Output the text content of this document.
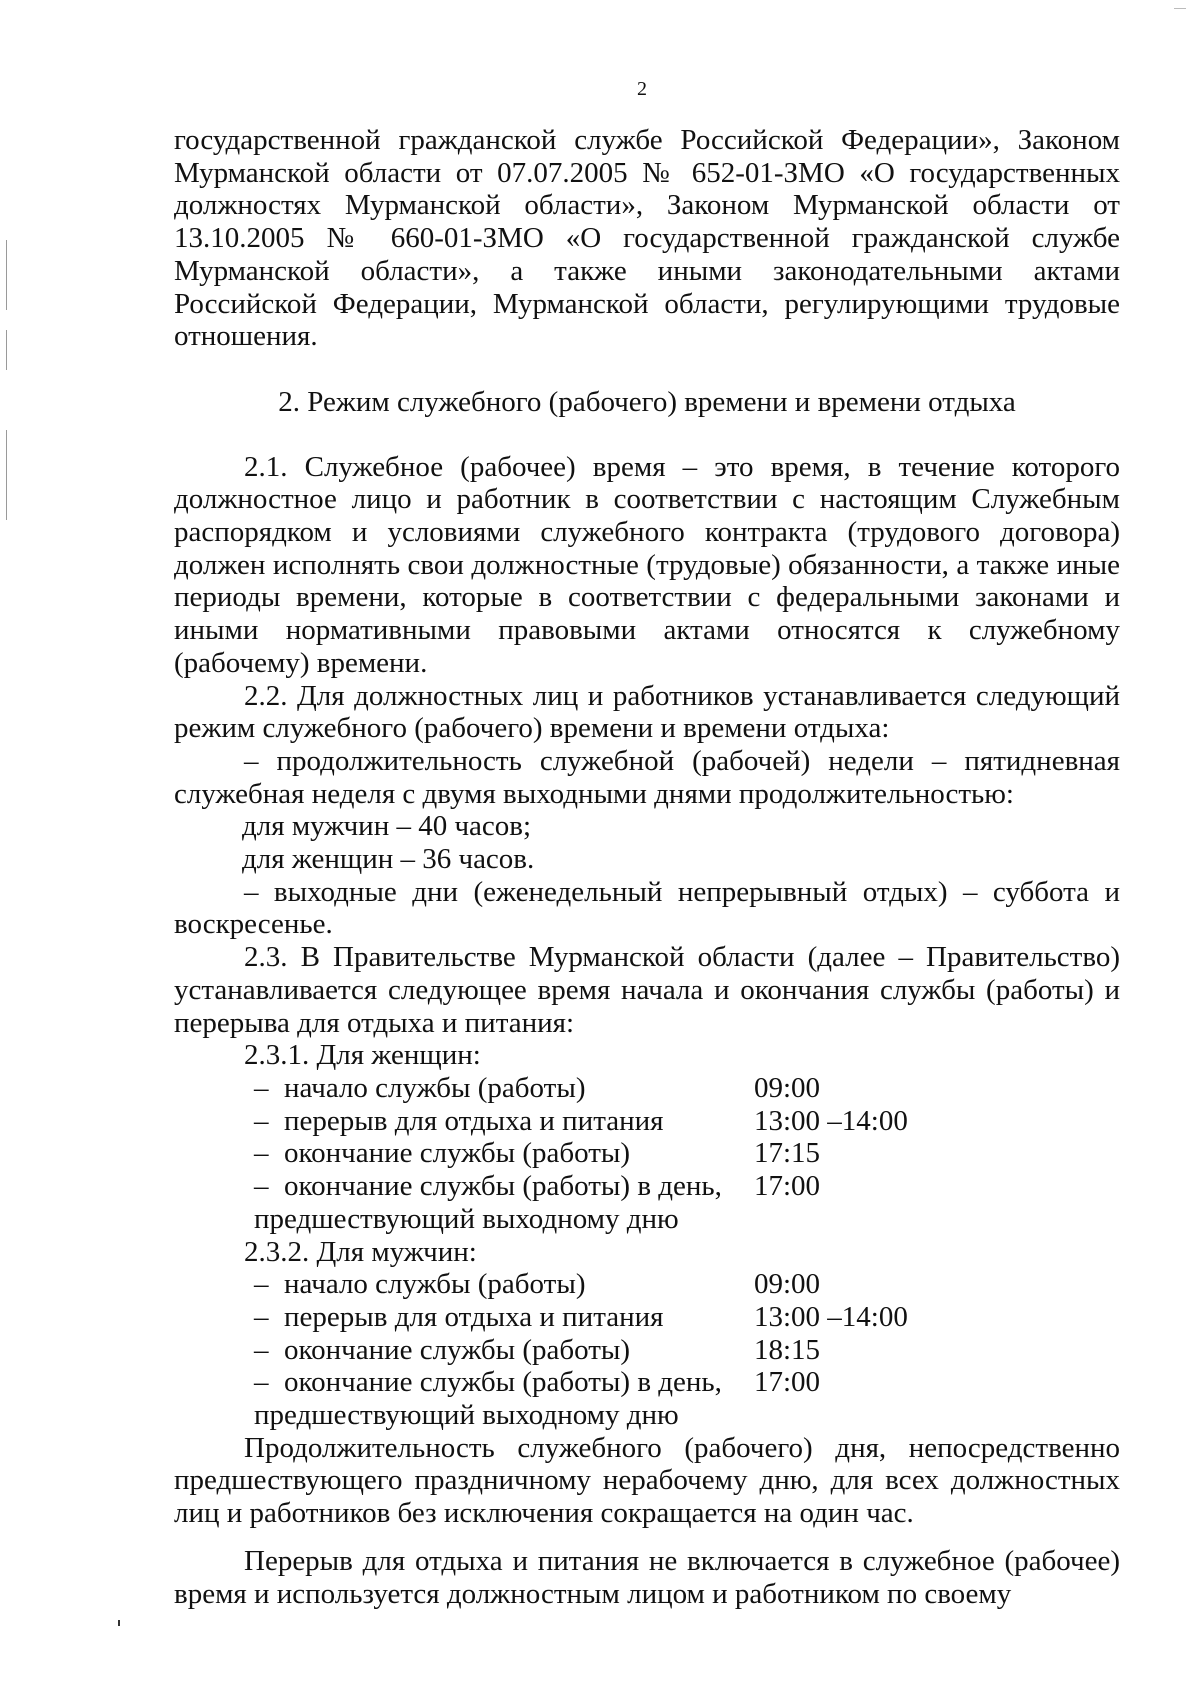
2

государственной гражданской службе Российской Федерации», Законом Мурманской области от 07.07.2005 № 652-01-ЗМО «О государственных должностях Мурманской области», Законом Мурманской области от 13.10.2005 № 660-01-ЗМО «О государственной гражданской службе Мурманской области», а также иными законодательными актами Российской Федерации, Мурманской области, регулирующими трудовые отношения.

2. Режим служебного (рабочего) времени и времени отдыха

2.1. Служебное (рабочее) время – это время, в течение которого должностное лицо и работник в соответствии с настоящим Служебным распорядком и условиями служебного контракта (трудового договора) должен исполнять свои должностные (трудовые) обязанности, а также иные периоды времени, которые в соответствии с федеральными законами и иными нормативными правовыми актами относятся к служебному (рабочему) времени.

2.2. Для должностных лиц и работников устанавливается следующий режим служебного (рабочего) времени и времени отдыха:

– продолжительность служебной (рабочей) недели – пятидневная служебная неделя с двумя выходными днями продолжительностью:

для мужчин – 40 часов;

для женщин – 36 часов.

– выходные дни (еженедельный непрерывный отдых) – суббота и воскресенье.

2.3. В Правительстве Мурманской области (далее – Правительство) устанавливается следующее время начала и окончания службы (работы) и перерыва для отдыха и питания:

2.3.1. Для женщин:

– начало службы (работы)	09:00
– перерыв для отдыха и питания	13:00 –14:00
– окончание службы (работы)	17:15
– окончание службы (работы) в день,	17:00
предшествующий выходному дню	

2.3.2. Для мужчин:

– начало службы (работы)	09:00
– перерыв для отдыха и питания	13:00 –14:00
– окончание службы (работы)	18:15
– окончание службы (работы) в день,	17:00
предшествующий выходному дню	

Продолжительность служебного (рабочего) дня, непосредственно предшествующего праздничному нерабочему дню, для всех должностных лиц и работников без исключения сокращается на один час.

Перерыв для отдыха и питания не включается в служебное (рабочее) время и используется должностным лицом и работником по своему
